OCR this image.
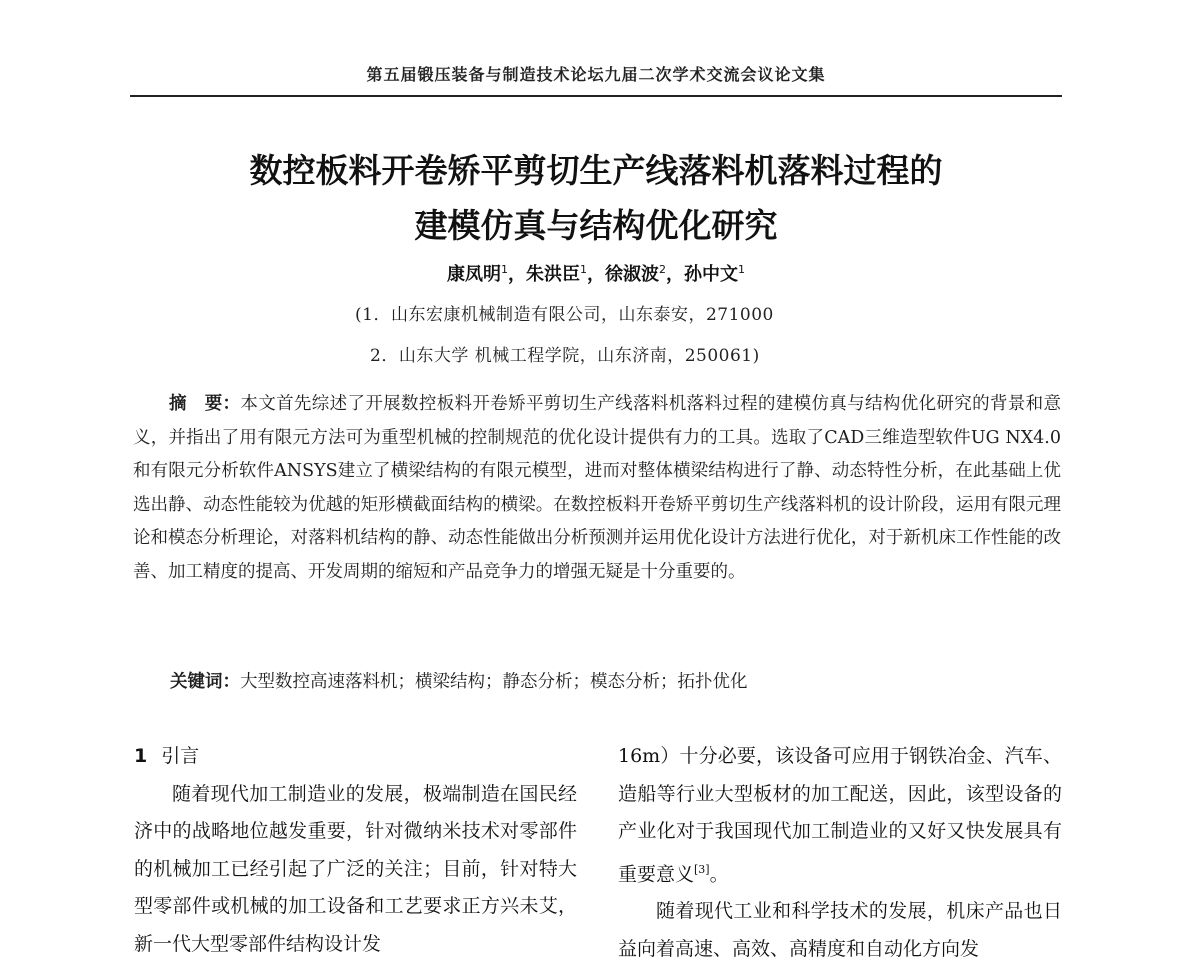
第五届锻压装备与制造技术论坛九届二次学术交流会议论文集
数控板料开卷矫平剪切生产线落料机落料过程的
建模仿真与结构优化研究
康凤明$^1$，朱洪臣$^1$，徐淑波$^2$，孙中文$^1$
(1．山东宏康机械制造有限公司，山东泰安，271000
2．山东大学 机械工程学院，山东济南，250061)
摘　要：本文首先综述了开展数控板料开卷矫平剪切生产线落料机落料过程的建模仿真与结构优化研究的背景和意义，并指出了用有限元方法可为重型机械的控制规范的优化设计提供有力的工具。选取了CAD三维造型软件UG NX4.0和有限元分析软件ANSYS建立了横梁结构的有限元模型，进而对整体横梁结构进行了静、动态特性分析，在此基础上优选出静、动态性能较为优越的矩形横截面结构的横梁。在数控板料开卷矫平剪切生产线落料机的设计阶段，运用有限元理论和模态分析理论，对落料机结构的静、动态性能做出分析预测并运用优化设计方法进行优化，对于新机床工作性能的改善、加工精度的提高、开发周期的缩短和产品竞争力的增强无疑是十分重要的。
关键词：大型数控高速落料机；横梁结构；静态分析；模态分析；拓扑优化

1 引言

随着现代加工制造业的发展，极端制造在国民经济中的战略地位越发重要，针对微纳米技术对零部件的机械加工已经引起了广泛的关注；目前，针对特大型零部件或机械的加工设备和工艺要求正方兴未艾，新一代大型零部件结构设计发

16m）十分必要，该设备可应用于钢铁冶金、汽车、造船等行业大型板材的加工配送，因此，该型设备的产业化对于我国现代加工制造业的又好又快发展具有重要意义[3]。

随着现代工业和科学技术的发展，机床产品也日益向着高速、高效、高精度和自动化方向发
